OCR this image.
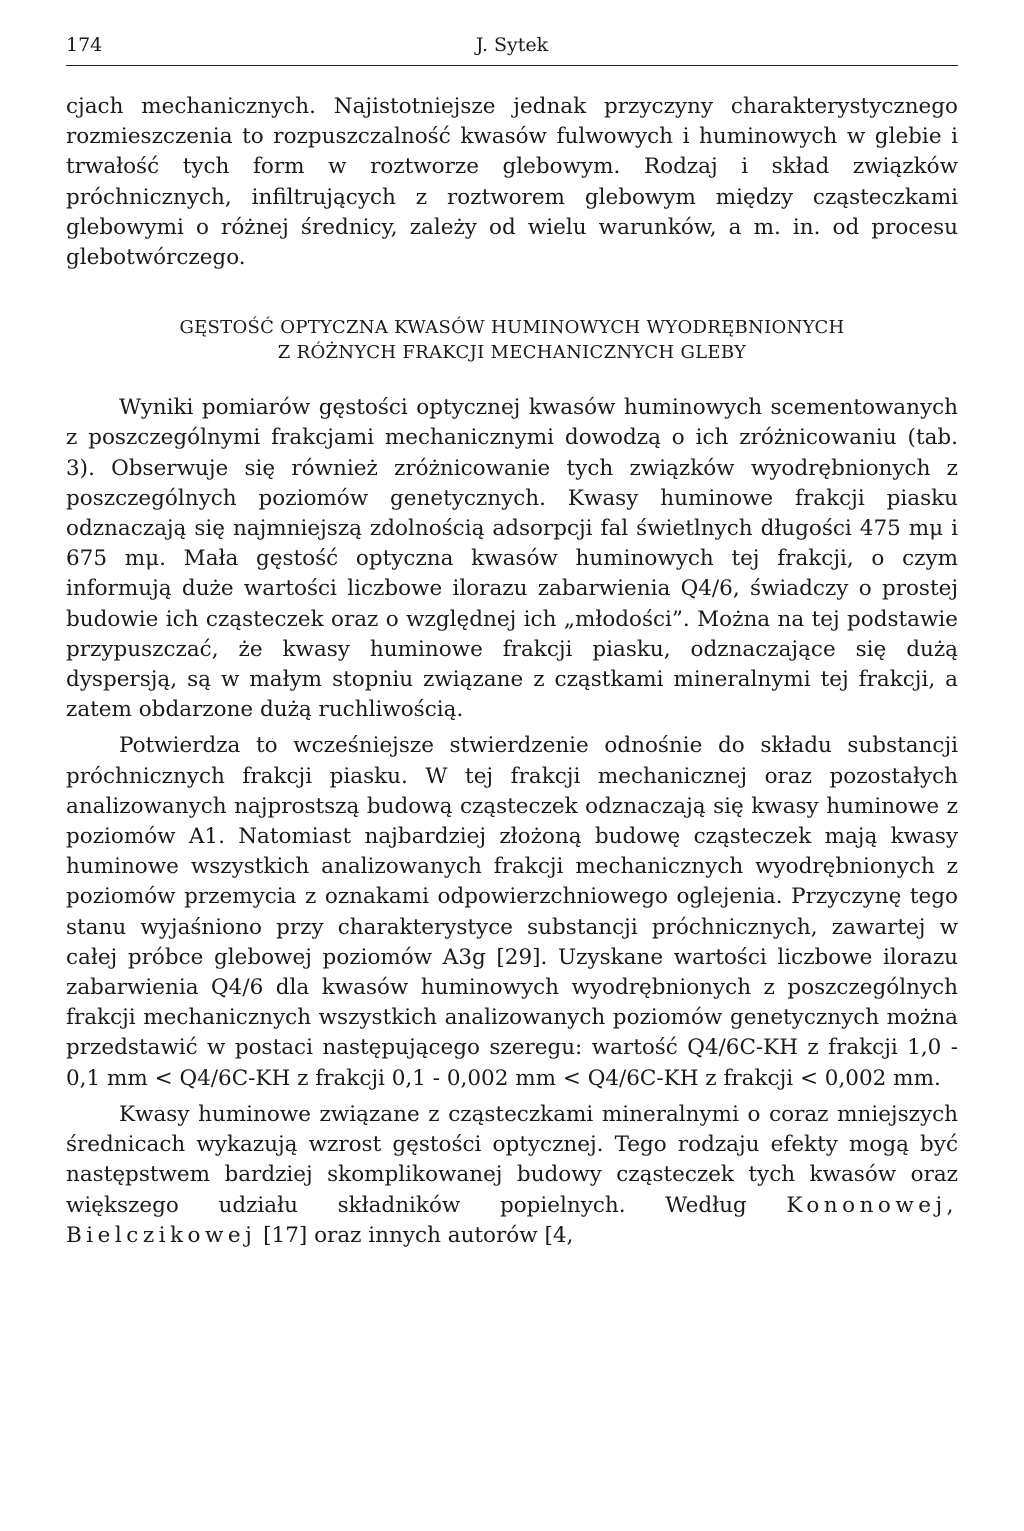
174	J. Sytek

cjach mechanicznych. Najistotniejsze jednak przyczyny charakterystycznego rozmieszczenia to rozpuszczalność kwasów fulwowych i huminowych w glebie i trwałość tych form w roztworze glebowym. Rodzaj i skład związków próchnicznych, infiltrujących z roztworem glebowym między cząsteczkami glebowymi o różnej średnicy, zależy od wielu warunków, a m. in. od procesu glebotwórczego.

GĘSTOŚĆ OPTYCZNA KWASÓW HUMINOWYCH WYODRĘBNIONYCH
Z RÓŻNYCH FRAKCJI MECHANICZNYCH GLEBY

Wyniki pomiarów gęstości optycznej kwasów huminowych scementowanych z poszczególnymi frakcjami mechanicznymi dowodzą o ich zróżnicowaniu (tab. 3). Obserwuje się również zróżnicowanie tych związków wyodrębnionych z poszczególnych poziomów genetycznych. Kwasy huminowe frakcji piasku odznaczają się najmniejszą zdolnością adsorpcji fal świetlnych długości 475 mμ i 675 mμ. Mała gęstość optyczna kwasów huminowych tej frakcji, o czym informują duże wartości liczbowe ilorazu zabarwienia Q4/6, świadczy o prostej budowie ich cząsteczek oraz o względnej ich „młodości”. Można na tej podstawie przypuszczać, że kwasy huminowe frakcji piasku, odznaczające się dużą dyspersją, są w małym stopniu związane z cząstkami mineralnymi tej frakcji, a zatem obdarzone dużą ruchliwością.

Potwierdza to wcześniejsze stwierdzenie odnośnie do składu substancji próchnicznych frakcji piasku. W tej frakcji mechanicznej oraz pozostałych analizowanych najprostszą budową cząsteczek odznaczają się kwasy huminowe z poziomów A1. Natomiast najbardziej złożoną budowę cząsteczek mają kwasy huminowe wszystkich analizowanych frakcji mechanicznych wyodrębnionych z poziomów przemycia z oznakami odpowierzchniowego oglejenia. Przyczynę tego stanu wyjaśniono przy charakterystyce substancji próchnicznych, zawartej w całej próbce glebowej poziomów A3g [29]. Uzyskane wartości liczbowe ilorazu zabarwienia Q4/6 dla kwasów huminowych wyodrębnionych z poszczególnych frakcji mechanicznych wszystkich analizowanych poziomów genetycznych można przedstawić w postaci następującego szeregu: wartość Q4/6C-KH z frakcji 1,0 - 0,1 mm < Q4/6C-KH z frakcji 0,1 - 0,002 mm < Q4/6C-KH z frakcji < 0,002 mm.

Kwasy huminowe związane z cząsteczkami mineralnymi o coraz mniejszych średnicach wykazują wzrost gęstości optycznej. Tego rodzaju efekty mogą być następstwem bardziej skomplikowanej budowy cząsteczek tych kwasów oraz większego udziału składników popielnych. Według Kononowej, Bielczikowej [17] oraz innych autorów [4,
